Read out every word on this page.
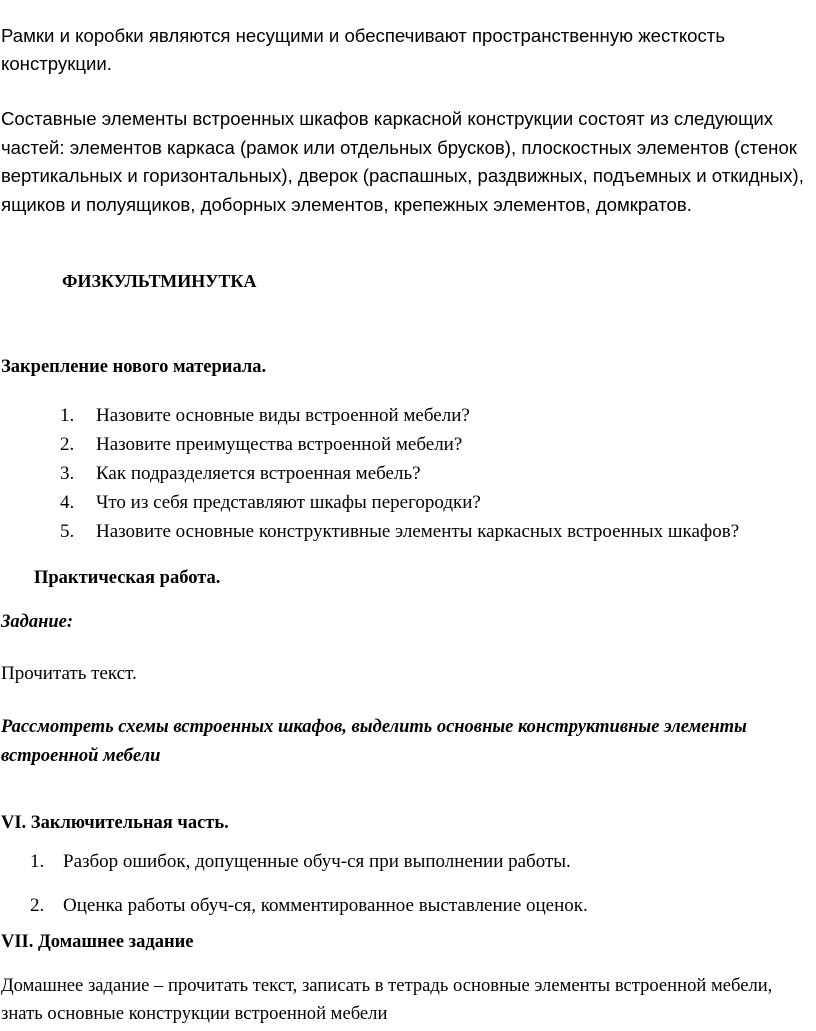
Рамки и коробки являются несущими и обеспечивают пространственную жесткость конструкции.
Составные элементы встроенных шкафов каркасной конструкции состоят из следующих частей: элементов каркаса (рамок или отдельных брусков), плоскостных элементов (стенок вертикальных и горизонтальных), дверок (распашных, раздвижных, подъемных и откидных), ящиков и полуящиков, доборных элементов, крепежных элементов, домкратов.
ФИЗКУЛЬТМИНУТКА
Закрепление нового материала.
1. Назовите основные виды встроенной мебели?
2. Назовите преимущества встроенной мебели?
3. Как подразделяется встроенная мебель?
4. Что из себя представляют шкафы перегородки?
5. Назовите основные конструктивные элементы каркасных встроенных шкафов?
Практическая работа.
Задание:
Прочитать текст.
Рассмотреть схемы встроенных шкафов, выделить основные конструктивные элементы встроенной мебели
VI. Заключительная часть.
1. Разбор ошибок, допущенные обуч-ся при выполнении работы.
2. Оценка работы обуч-ся, комментированное выставление оценок.
VII. Домашнее задание
Домашнее задание – прочитать текст, записать в тетрадь основные элементы встроенной мебели, знать основные конструкции встроенной мебели
